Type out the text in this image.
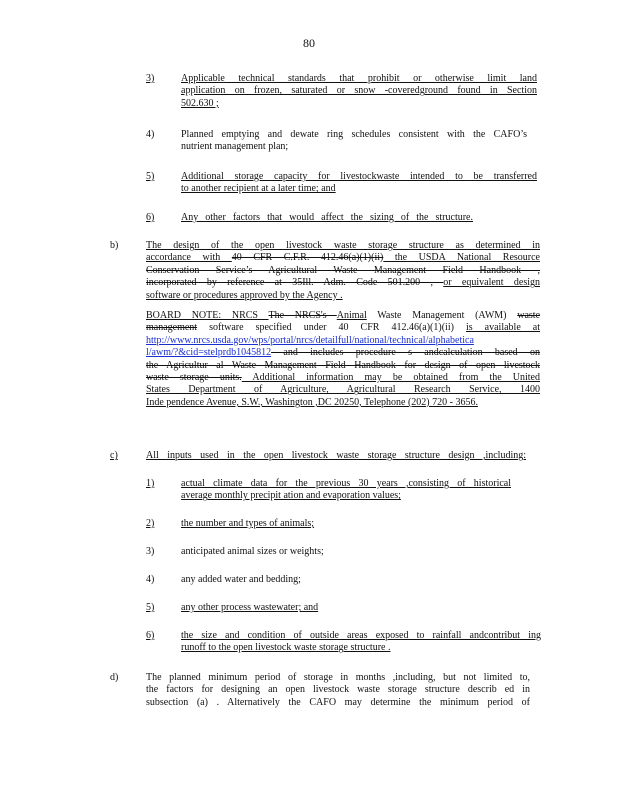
80
3)	Applicable technical standards that prohibit or otherwise limit land
application on frozen, saturated or snow -coveredground found in Section
502.630 ;
4)	Planned emptying and dewate ring schedules consistent with the CAFO’s
nutrient management plan;
5)	Additional storage capacity for livestockwaste intended to be transferred
to another recipient at a later time; and
6)	Any other factors that would affect the sizing of the structure.
b)	The design of the open livestock waste storage structure as determined in
accordance with 40 CFR C.F.R. 412.46(a)(1)(ii) the USDA National Resource
Conservation Service’s Agricultural Waste Management Field Handbook ,
incorporated by reference at 35Ill. Adm. Code 501.200 , or equivalent design
software or procedures approved by the Agency .
BOARD NOTE: NRCS The NRCS's Animal Waste Management (AWM) waste
management software specified under 40 CFR 412.46(a)(1)(ii) is available at
http://www.nrcs.usda.gov/wps/portal/nrcs/detailfull/national/technical/alphabetica
l/awm/?&cid=stelprdb1045812 and includes procedure s andcalculation based on
the Agricultur al Waste Management Field Handbook for design of open livestock
waste storage units. Additional information may be obtained from the United
States Department of Agriculture, Agricultural Research Service, 1400
Inde pendence Avenue, S.W., Washington ,DC 20250, Telephone (202) 720 - 3656.
c)	All inputs used in the open livestock waste storage structure design ,including:
1)	actual climate data for the previous 30 years ,consisting of historical
average monthly precipit ation and evaporation values;
2)	the number and types of animals;
3)	anticipated animal sizes or weights;
4)	any added water and bedding;
5)	any other process wastewater; and
6)	the size and condition of outside areas exposed to rainfall andcontribut ing
runoff to the open livestock waste storage structure .
d)	The planned minimum period of storage in months ,including, but not limited to,
the factors for designing an open livestock waste storage structure describ ed in
subsection (a) . Alternatively the CAFO may determine the minimum period of
